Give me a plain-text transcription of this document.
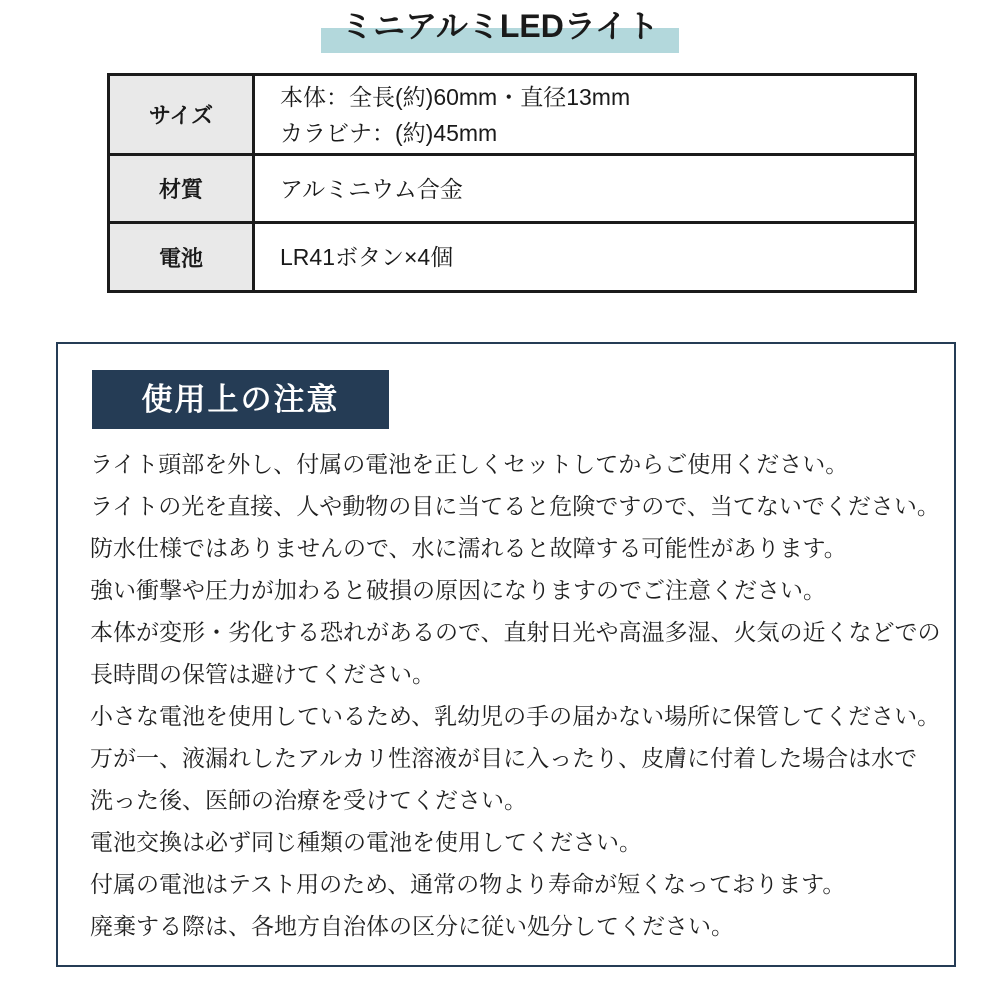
ミニアルミLEDライト
サイズ	本体：全長(約)60mm・直径13mm
カラビナ：(約)45mm

材質	アルミニウム合金

電池	LR41ボタン×4個
使用上の注意
ライト頭部を外し、付属の電池を正しくセットしてからご使用ください。
ライトの光を直接、人や動物の目に当てると危険ですので、当てないでください。
防水仕様ではありませんので、水に濡れると故障する可能性があります。
強い衝撃や圧力が加わると破損の原因になりますのでご注意ください。
本体が変形・劣化する恐れがあるので、直射日光や高温多湿、火気の近くなどでの
長時間の保管は避けてください。
小さな電池を使用しているため、乳幼児の手の届かない場所に保管してください。
万が一、液漏れしたアルカリ性溶液が目に入ったり、皮膚に付着した場合は水で
洗った後、医師の治療を受けてください。
電池交換は必ず同じ種類の電池を使用してください。
付属の電池はテスト用のため、通常の物より寿命が短くなっております。
廃棄する際は、各地方自治体の区分に従い処分してください。
